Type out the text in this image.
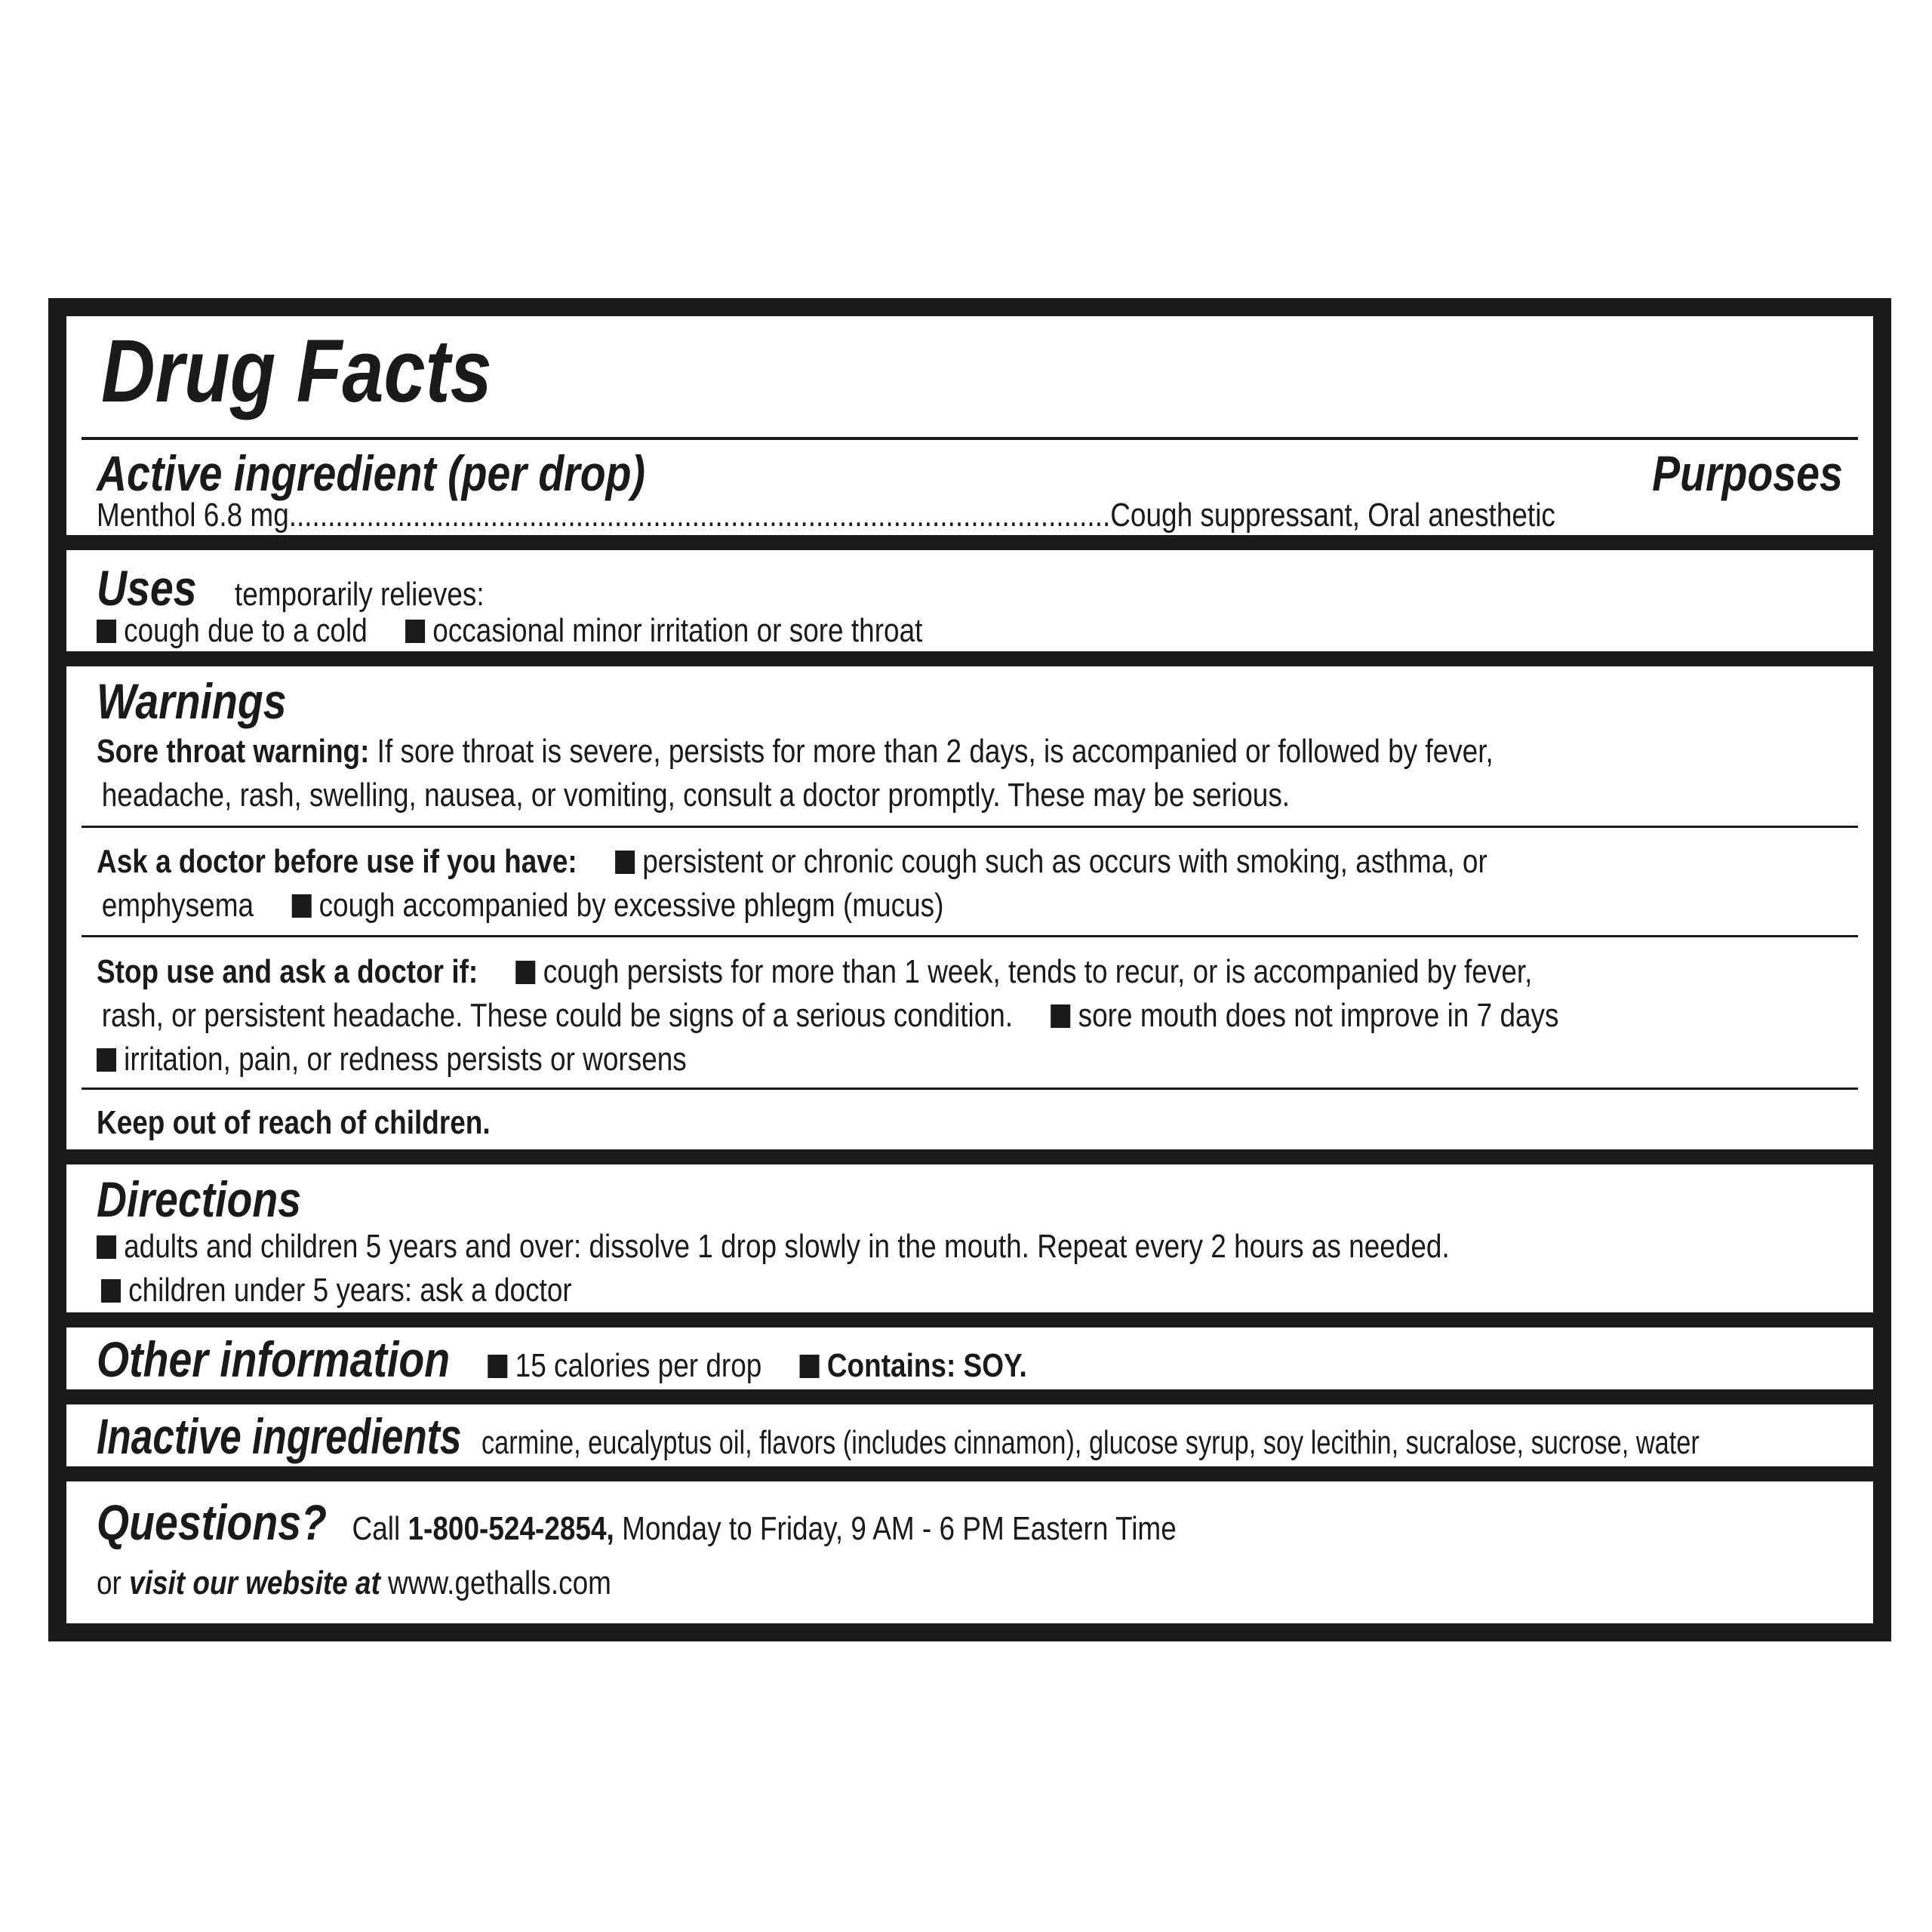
Drug Facts
Active ingredient (per drop)	Purposes
Menthol 6.8 mg..........................................................................................................Cough suppressant, Oral anesthetic
Uses temporarily relieves:
cough due to a cold occasional minor irritation or sore throat
Warnings
Sore throat warning: If sore throat is severe, persists for more than 2 days, is accompanied or followed by fever,
headache, rash, swelling, nausea, or vomiting, consult a doctor promptly. These may be serious.
Ask a doctor before use if you have: persistent or chronic cough such as occurs with smoking, asthma, or
emphysema cough accompanied by excessive phlegm (mucus)
Stop use and ask a doctor if: cough persists for more than 1 week, tends to recur, or is accompanied by fever,
rash, or persistent headache. These could be signs of a serious condition. sore mouth does not improve in 7 days
irritation, pain, or redness persists or worsens
Keep out of reach of children.
Directions
adults and children 5 years and over: dissolve 1 drop slowly in the mouth. Repeat every 2 hours as needed.
children under 5 years: ask a doctor
Other information 15 calories per drop Contains: SOY.
Inactive ingredients carmine, eucalyptus oil, flavors (includes cinnamon), glucose syrup, soy lecithin, sucralose, sucrose, water
Questions? Call 1-800-524-2854, Monday to Friday, 9 AM - 6 PM Eastern Time
or visit our website at www.gethalls.com
